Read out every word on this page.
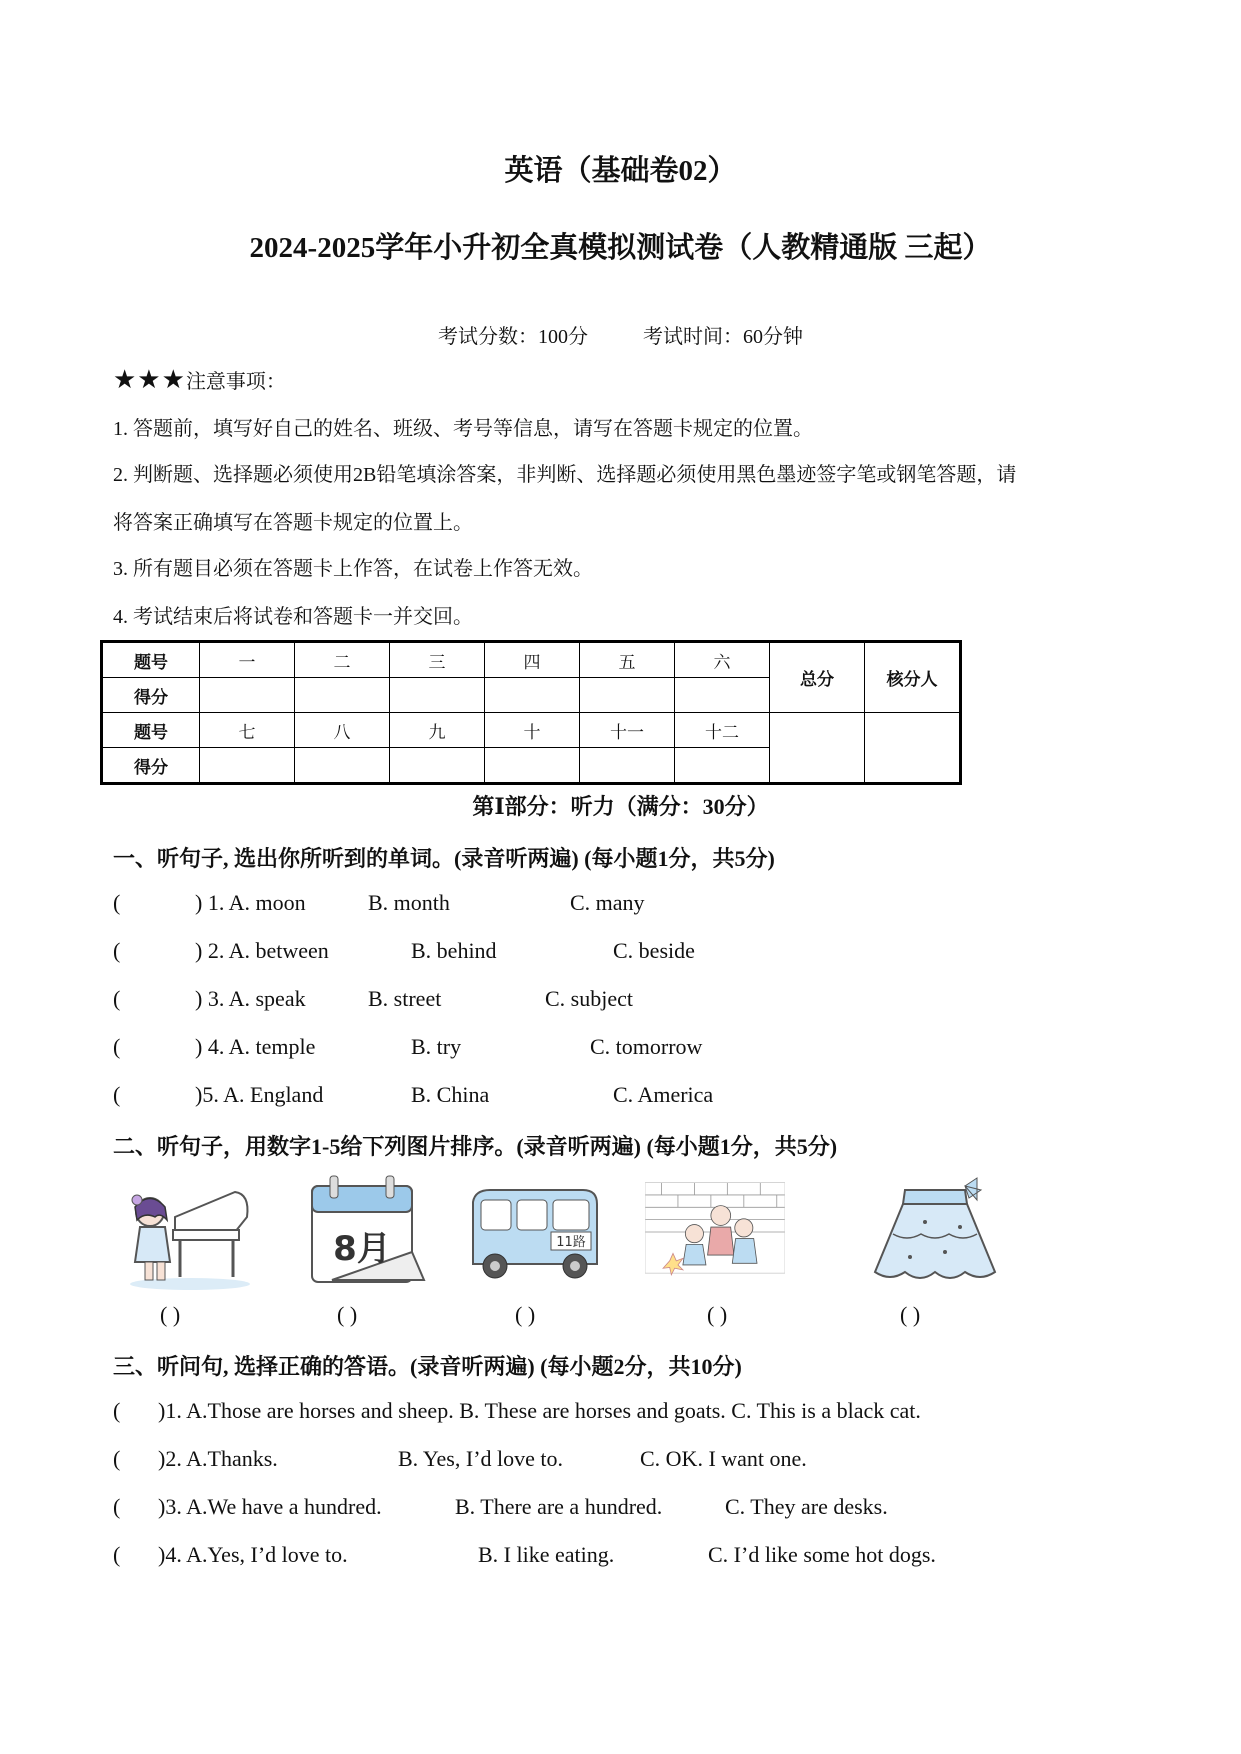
英语（基础卷02）
2024-2025学年小升初全真模拟测试卷（人教精通版 三起）
考试分数：100分	考试时间：60分钟
★★★注意事项：
1. 答题前，填写好自己的姓名、班级、考号等信息，请写在答题卡规定的位置。
2. 判断题、选择题必须使用2B铅笔填涂答案，非判断、选择题必须使用黑色墨迹签字笔或钢笔答题，请
将答案正确填写在答题卡规定的位置上。
3. 所有题目必须在答题卡上作答，在试卷上作答无效。
4. 考试结束后将试卷和答题卡一并交回。
题号	一	二	三	四	五	六	总分	核分人
得分								
题号	七	八	九	十	十一	十二		
得分								
第Ⅰ部分：听力（满分：30分）
一、听句子, 选出你所听到的单词。(录音听两遍) (每小题1分，共5分)
(	) 1. A. moon	B. month	C. many
(	) 2. A. between	B. behind	C. beside
(	) 3. A. speak	B. street	C. subject
(	) 4. A. temple	B. try	C. tomorrow
(	)5. A. England	B. China	C. America
二、听句子，用数字1-5给下列图片排序。(录音听两遍) (每小题1分，共5分)
8月	11路
( )	( )	( )	( )	( )
三、听问句, 选择正确的答语。(录音听两遍) (每小题2分，共10分)
( )1. A.Those are horses and sheep. B. These are horses and goats. C. This is a black cat.
( )2. A.Thanks.	B. Yes, I’d love to.	C. OK. I want one.
( )3. A.We have a hundred.	B. There are a hundred.	C. They are desks.
( )4. A.Yes, I’d love to.	B. I like eating.	C. I’d like some hot dogs.
